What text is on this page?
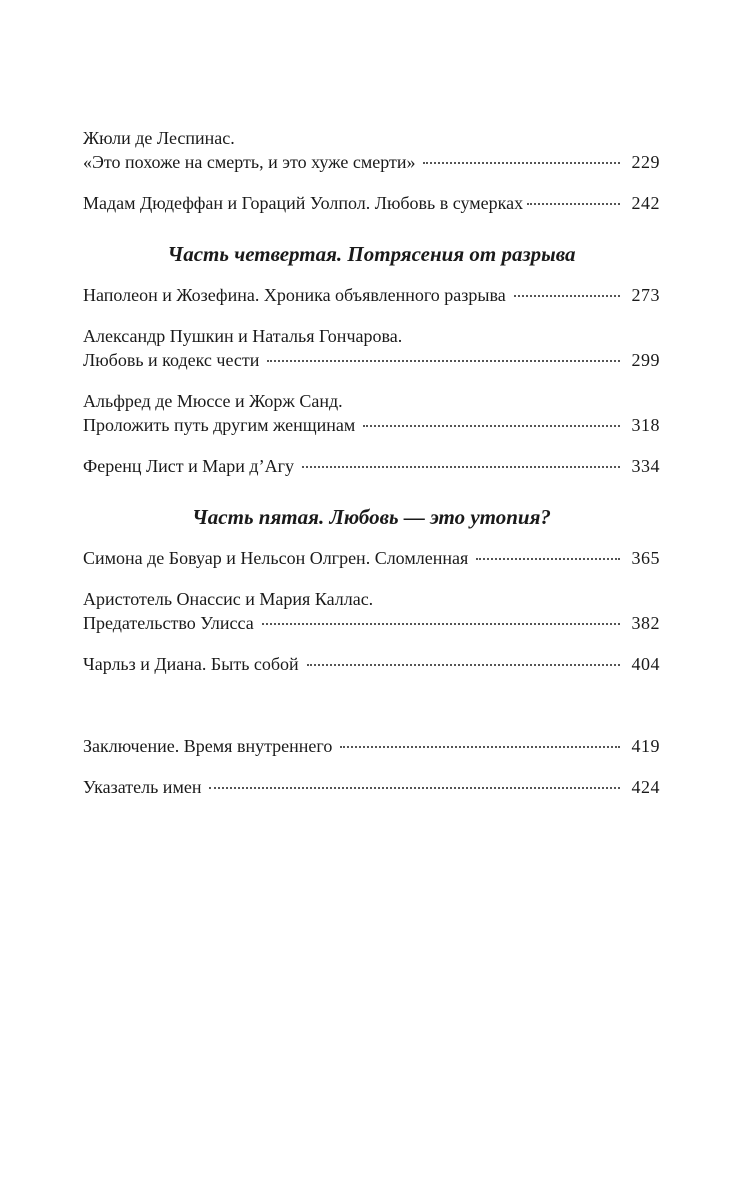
Жюли де Леспинас.
«Это похоже на смерть, и это хуже смерти»	229
Мадам Дюдеффан и Гораций Уолпол. Любовь в сумерках	242
Часть четвертая. Потрясения от разрыва
Наполеон и Жозефина. Хроника объявленного разрыва	273
Александр Пушкин и Наталья Гончарова.
Любовь и кодекс чести	299
Альфред де Мюссе и Жорж Санд.
Проложить путь другим женщинам	318
Ференц Лист и Мари д’Агу	334
Часть пятая. Любовь — это утопия?
Симона де Бовуар и Нельсон Олгрен. Сломленная	365
Аристотель Онассис и Мария Каллас.
Предательство Улисса	382
Чарльз и Диана. Быть собой	404
Заключение. Время внутреннего	419
Указатель имен	424
